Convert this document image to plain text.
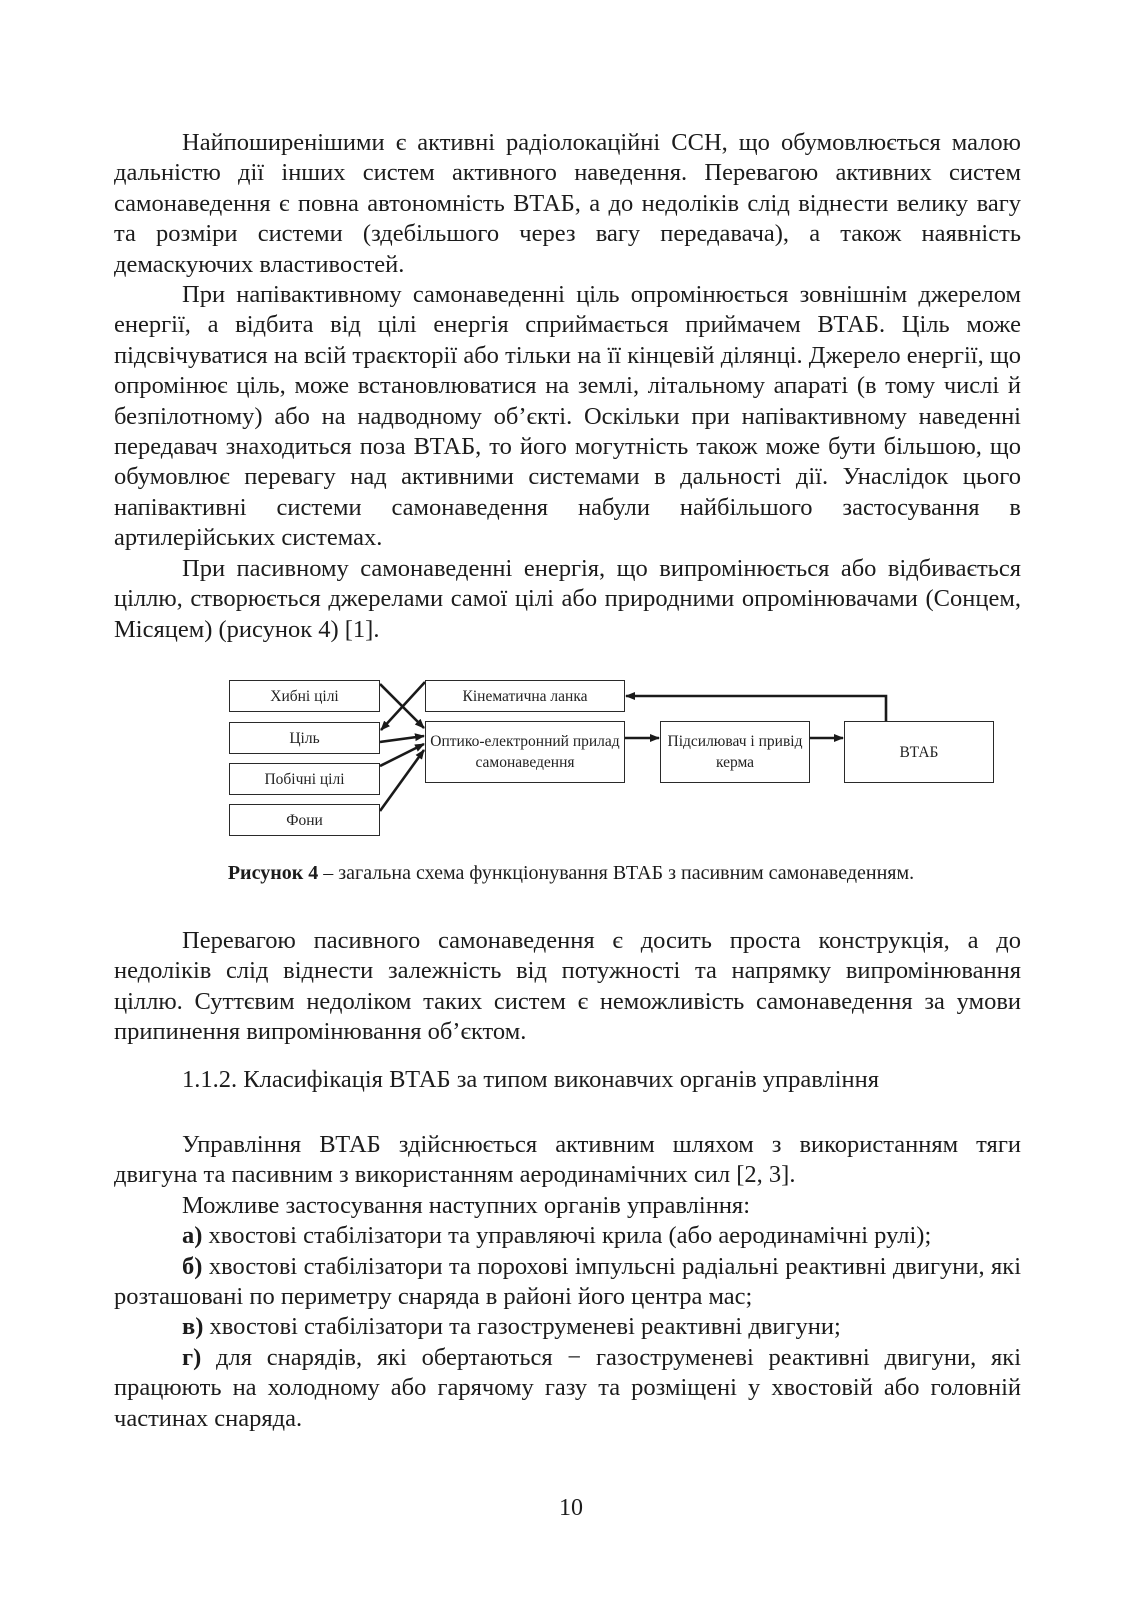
Найпоширенішими є активні радіолокаційні ССН, що обумовлюється малою дальністю дії інших систем активного наведення. Перевагою активних систем самонаведення є повна автономність ВТАБ, а до недоліків слід віднести велику вагу та розміри системи (здебільшого через вагу передавача), а також наявність демаскуючих властивостей.

При напівактивному самонаведенні ціль опромінюється зовнішнім джерелом енергії, а відбита від цілі енергія сприймається приймачем ВТАБ. Ціль може підсвічуватися на всій траєкторії або тільки на її кінцевій ділянці. Джерело енергії, що опромінює ціль, може встановлюватися на землі, літальному апараті (в тому числі й безпілотному) або на надводному об’єкті. Оскільки при напівактивному наведенні передавач знаходиться поза ВТАБ, то його могутність також може бути більшою, що обумовлює перевагу над активними системами в дальності дії. Унаслідок цього напівактивні системи самонаведення набули найбільшого застосування в артилерійських системах.

При пасивному самонаведенні енергія, що випромінюється або відбивається ціллю, створюється джерелами самої цілі або природними опромінювачами (Сонцем, Місяцем) (рисунок 4) [1].

Хибні цілі
Ціль
Побічні цілі
Фони
Кінематична ланка
Оптико-електронний прилад самонаведення
Підсилювач і привід керма
ВТАБ

Рисунок 4 – загальна схема функціонування ВТАБ з пасивним самонаведенням.

Перевагою пасивного самонаведення є досить проста конструкція, а до недоліків слід віднести залежність від потужності та напрямку випромінювання ціллю. Суттєвим недоліком таких систем є неможливість самонаведення за умови припинення випромінювання об’єктом.

1.1.2. Класифікація ВТАБ за типом виконавчих органів управління

Управління ВТАБ здійснюється активним шляхом з використанням тяги двигуна та пасивним з використанням аеродинамічних сил [2, 3].

Можливе застосування наступних органів управління:

а) хвостові стабілізатори та управляючі крила (або аеродинамічні рулі);

б) хвостові стабілізатори та порохові імпульсні радіальні реактивні двигуни, які розташовані по периметру снаряда в районі його центра мас;

в) хвостові стабілізатори та газоструменеві реактивні двигуни;

г) для снарядів, які обертаються − газоструменеві реактивні двигуни, які працюють на холодному або гарячому газу та розміщені у хвостовій або головній частинах снаряда.

10
